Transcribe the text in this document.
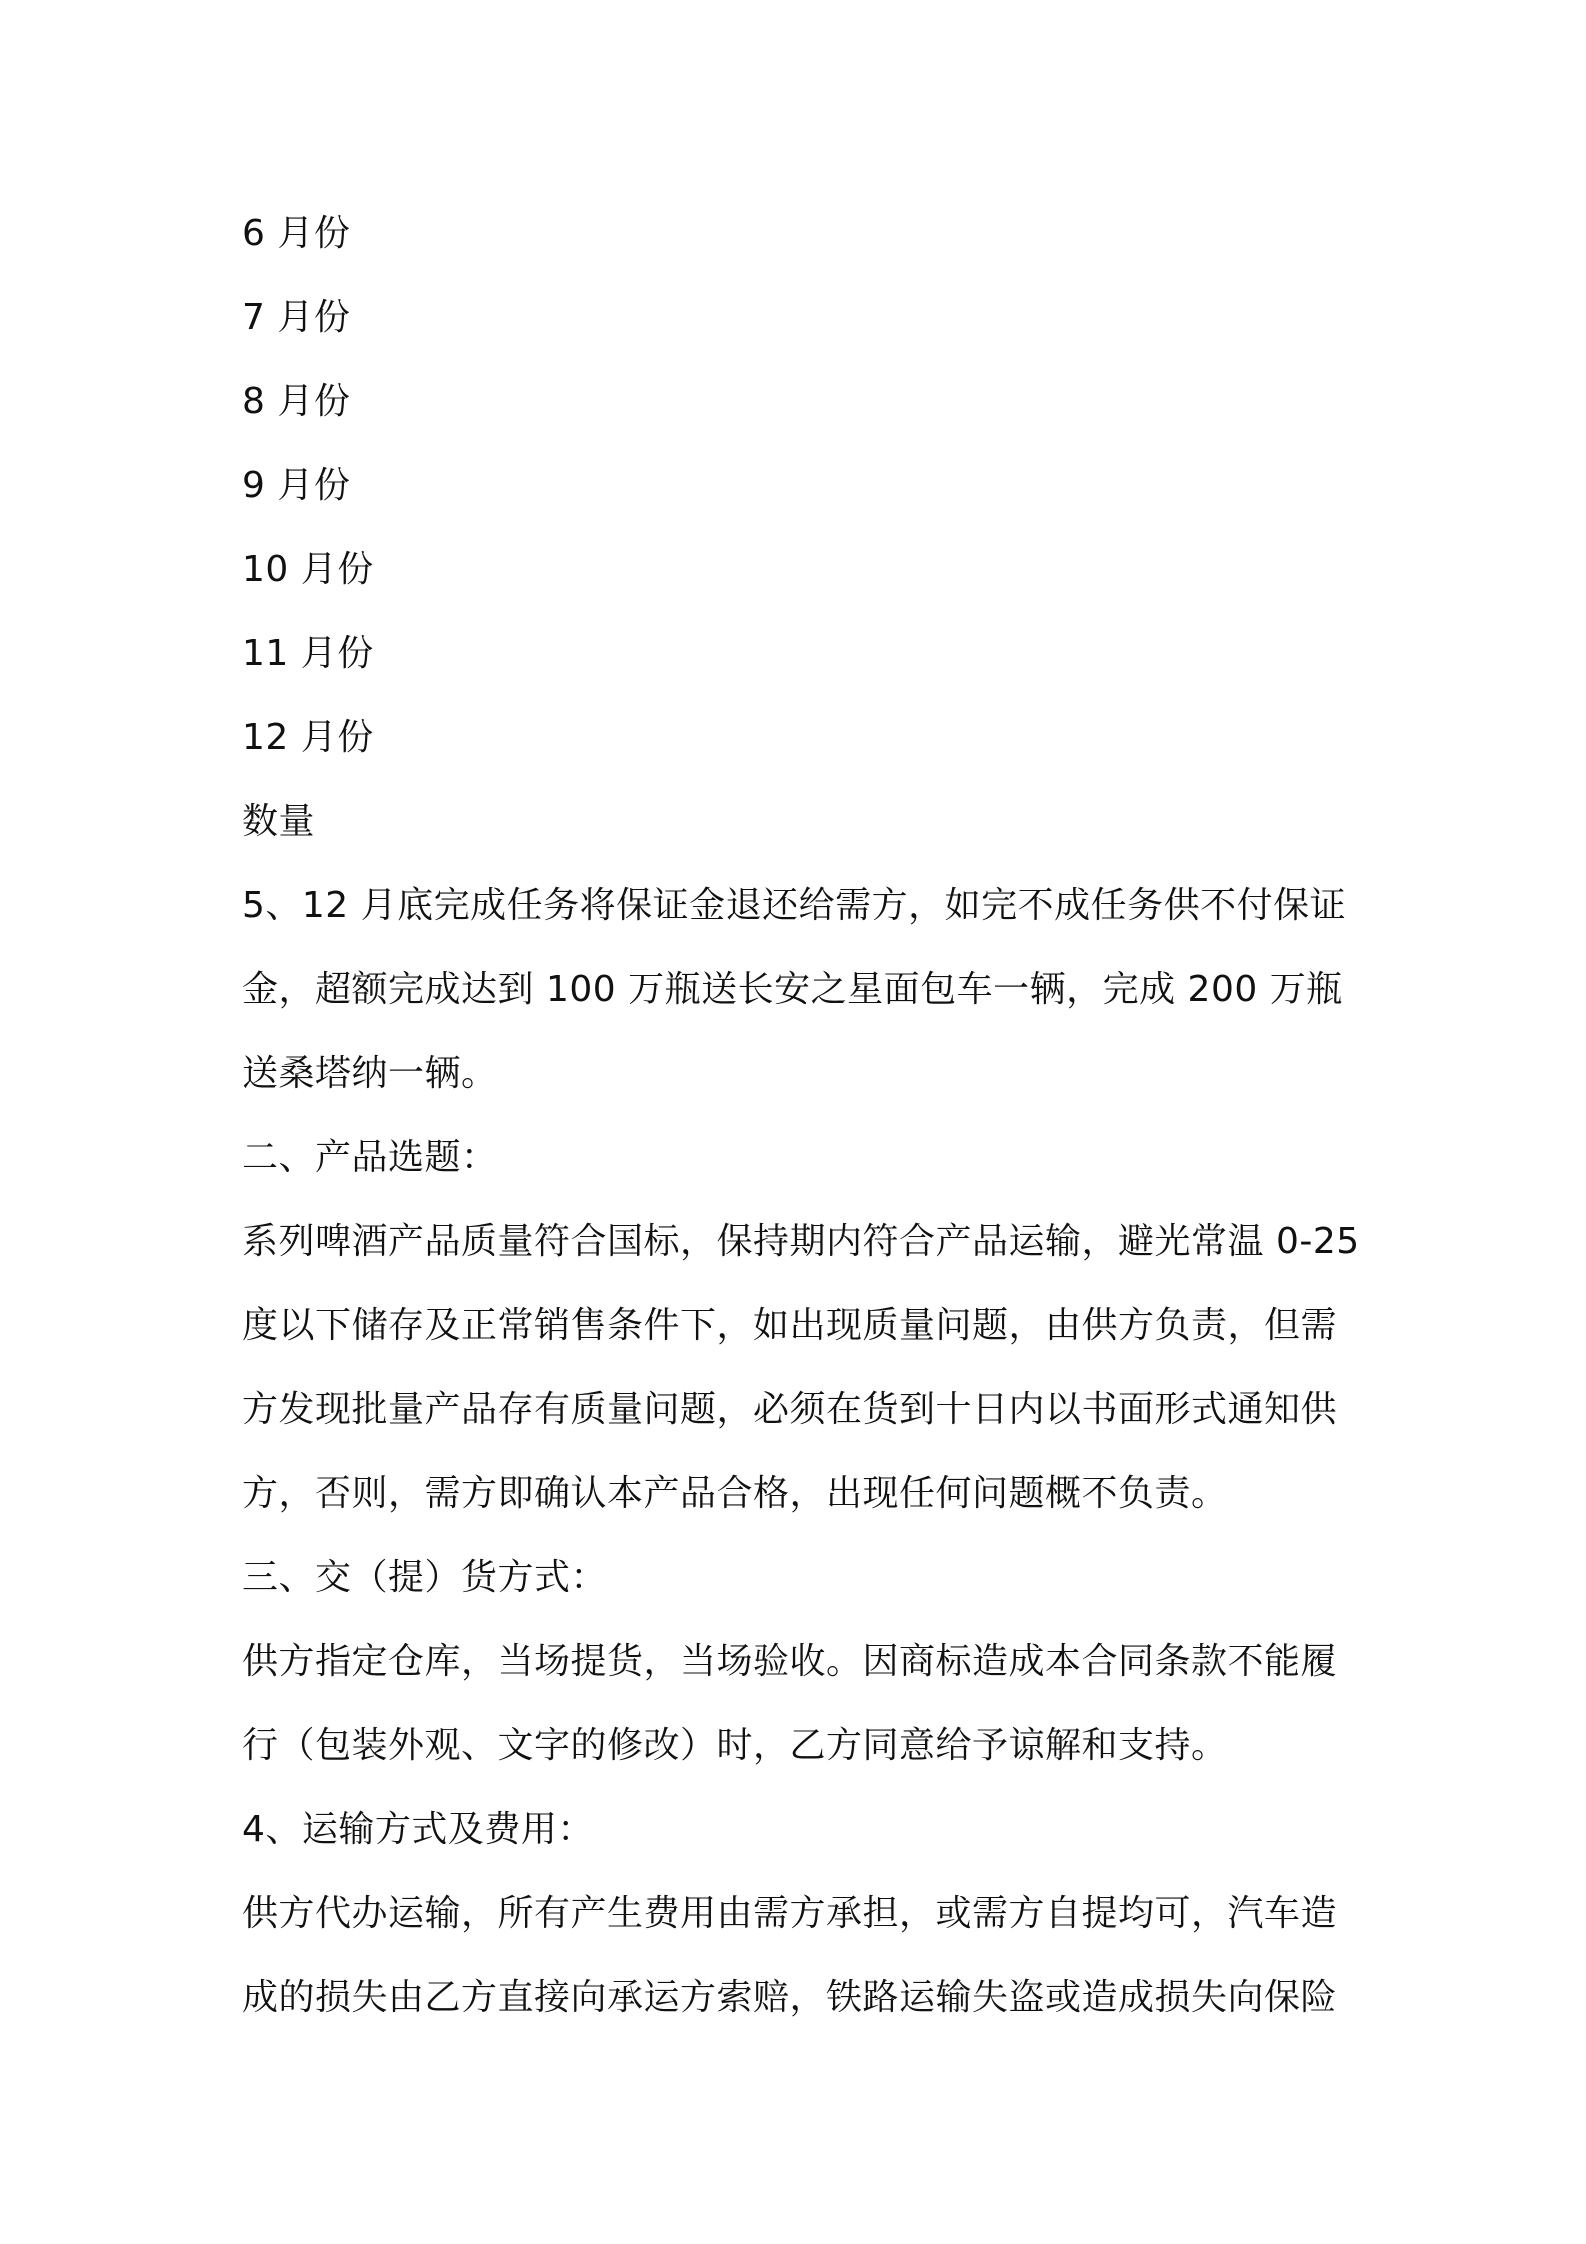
6 月份
7 月份
8 月份
9 月份
10 月份
11 月份
12 月份
数量
5、12 月底完成任务将保证金退还给需方，如完不成任务供不付保证
金，超额完成达到 100 万瓶送长安之星面包车一辆，完成 200 万瓶
送桑塔纳一辆。
二、产品选题：
系列啤酒产品质量符合国标，保持期内符合产品运输，避光常温 0-25
度以下储存及正常销售条件下，如出现质量问题，由供方负责，但需
方发现批量产品存有质量问题，必须在货到十日内以书面形式通知供
方，否则，需方即确认本产品合格，出现任何问题概不负责。
三、交（提）货方式：
供方指定仓库，当场提货，当场验收。因商标造成本合同条款不能履
行（包装外观、文字的修改）时，乙方同意给予谅解和支持。
4、运输方式及费用：
供方代办运输，所有产生费用由需方承担，或需方自提均可，汽车造
成的损失由乙方直接向承运方索赔，铁路运输失盗或造成损失向保险
